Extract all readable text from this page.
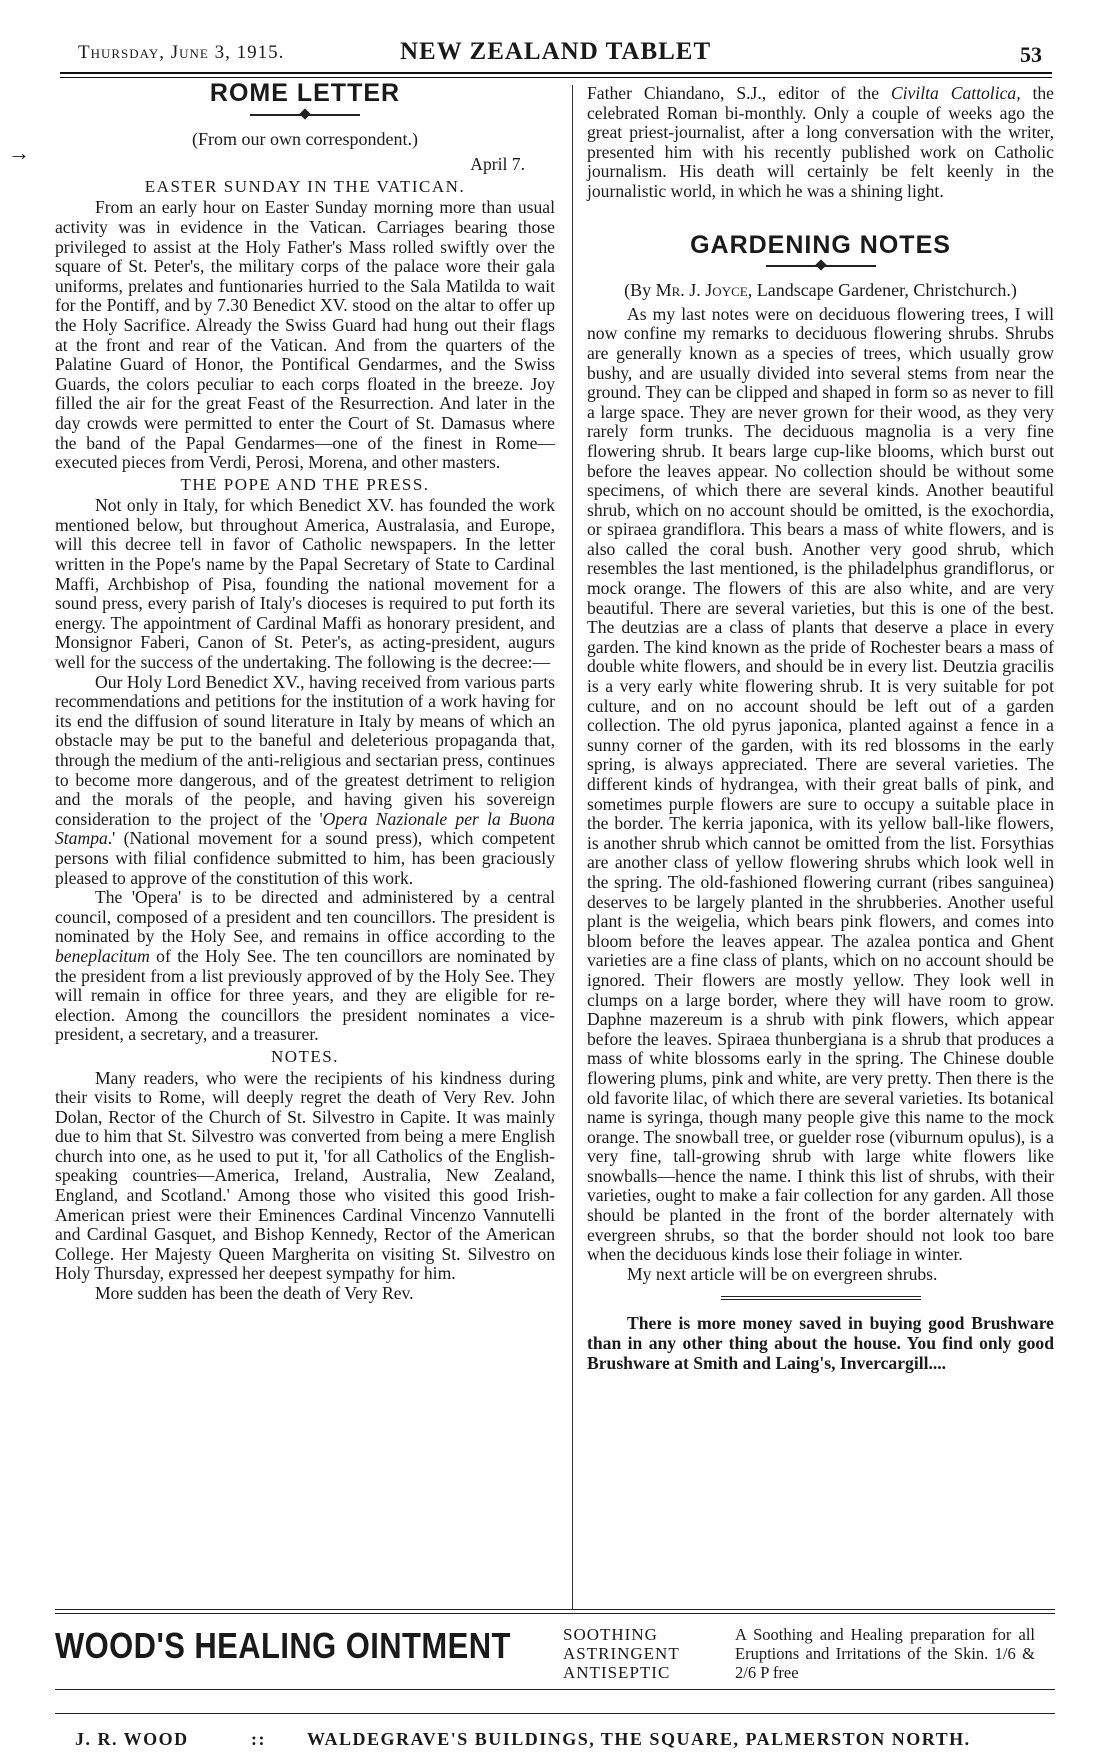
Thursday, June 3, 1915.	NEW ZEALAND TABLET	53
→
ROME LETTER
(From our own correspondent.)
April 7.
EASTER SUNDAY IN THE VATICAN.

From an early hour on Easter Sunday morning more than usual activity was in evidence in the Vatican. Carriages bearing those privileged to assist at the Holy Father's Mass rolled swiftly over the square of St. Peter's, the military corps of the palace wore their gala uniforms, prelates and funtionaries hurried to the Sala Matilda to wait for the Pontiff, and by 7.30 Benedict XV. stood on the altar to offer up the Holy Sacrifice. Already the Swiss Guard had hung out their flags at the front and rear of the Vatican. And from the quarters of the Palatine Guard of Honor, the Pontifical Gendarmes, and the Swiss Guards, the colors peculiar to each corps floated in the breeze. Joy filled the air for the great Feast of the Resurrection. And later in the day crowds were permitted to enter the Court of St. Damasus where the band of the Papal Gendarmes—one of the finest in Rome—executed pieces from Verdi, Perosi, Morena, and other masters.

THE POPE AND THE PRESS.

Not only in Italy, for which Benedict XV. has founded the work mentioned below, but throughout America, Australasia, and Europe, will this decree tell in favor of Catholic newspapers. In the letter written in the Pope's name by the Papal Secretary of State to Cardinal Maffi, Archbishop of Pisa, founding the national movement for a sound press, every parish of Italy's dioceses is required to put forth its energy. The appointment of Cardinal Maffi as honorary president, and Monsignor Faberi, Canon of St. Peter's, as acting-president, augurs well for the success of the undertaking. The following is the decree:—

Our Holy Lord Benedict XV., having received from various parts recommendations and petitions for the institution of a work having for its end the diffusion of sound literature in Italy by means of which an obstacle may be put to the baneful and deleterious propaganda that, through the medium of the anti-religious and sectarian press, continues to become more dangerous, and of the greatest detriment to religion and the morals of the people, and having given his sovereign consideration to the project of the 'Opera Nazionale per la Buona Stampa.' (National movement for a sound press), which competent persons with filial confidence submitted to him, has been graciously pleased to approve of the constitution of this work.

The 'Opera' is to be directed and administered by a central council, composed of a president and ten councillors. The president is nominated by the Holy See, and remains in office according to the beneplacitum of the Holy See. The ten councillors are nominated by the president from a list previously approved of by the Holy See. They will remain in office for three years, and they are eligible for re-election. Among the councillors the president nominates a vice-president, a secretary, and a treasurer.

NOTES.

Many readers, who were the recipients of his kindness during their visits to Rome, will deeply regret the death of Very Rev. John Dolan, Rector of the Church of St. Silvestro in Capite. It was mainly due to him that St. Silvestro was converted from being a mere English church into one, as he used to put it, 'for all Catholics of the English-speaking countries—America, Ireland, Australia, New Zealand, England, and Scotland.' Among those who visited this good Irish-American priest were their Eminences Cardinal Vincenzo Vannutelli and Cardinal Gasquet, and Bishop Kennedy, Rector of the American College. Her Majesty Queen Margherita on visiting St. Silvestro on Holy Thursday, expressed her deepest sympathy for him.

More sudden has been the death of Very Rev.

Father Chiandano, S.J., editor of the Civilta Cattolica, the celebrated Roman bi-monthly. Only a couple of weeks ago the great priest-journalist, after a long conversation with the writer, presented him with his recently published work on Catholic journalism. His death will certainly be felt keenly in the journalistic world, in which he was a shining light.

GARDENING NOTES
(By Mr. J. Joyce, Landscape Gardener, Christchurch.)

As my last notes were on deciduous flowering trees, I will now confine my remarks to deciduous flowering shrubs. Shrubs are generally known as a species of trees, which usually grow bushy, and are usually divided into several stems from near the ground. They can be clipped and shaped in form so as never to fill a large space. They are never grown for their wood, as they very rarely form trunks. The deciduous magnolia is a very fine flowering shrub. It bears large cup-like blooms, which burst out before the leaves appear. No collection should be without some specimens, of which there are several kinds. Another beautiful shrub, which on no account should be omitted, is the exochordia, or spiraea grandiflora. This bears a mass of white flowers, and is also called the coral bush. Another very good shrub, which resembles the last mentioned, is the philadelphus grandiflorus, or mock orange. The flowers of this are also white, and are very beautiful. There are several varieties, but this is one of the best. The deutzias are a class of plants that deserve a place in every garden. The kind known as the pride of Rochester bears a mass of double white flowers, and should be in every list. Deutzia gracilis is a very early white flowering shrub. It is very suitable for pot culture, and on no account should be left out of a garden collection. The old pyrus japonica, planted against a fence in a sunny corner of the garden, with its red blossoms in the early spring, is always appreciated. There are several varieties. The different kinds of hydrangea, with their great balls of pink, and sometimes purple flowers are sure to occupy a suitable place in the border. The kerria japonica, with its yellow ball-like flowers, is another shrub which cannot be omitted from the list. Forsythias are another class of yellow flowering shrubs which look well in the spring. The old-fashioned flowering currant (ribes sanguinea) deserves to be largely planted in the shrubberies. Another useful plant is the weigelia, which bears pink flowers, and comes into bloom before the leaves appear. The azalea pontica and Ghent varieties are a fine class of plants, which on no account should be ignored. Their flowers are mostly yellow. They look well in clumps on a large border, where they will have room to grow. Daphne mazereum is a shrub with pink flowers, which appear before the leaves. Spiraea thunbergiana is a shrub that produces a mass of white blossoms early in the spring. The Chinese double flowering plums, pink and white, are very pretty. Then there is the old favorite lilac, of which there are several varieties. Its botanical name is syringa, though many people give this name to the mock orange. The snowball tree, or guelder rose (viburnum opulus), is a very fine, tall-growing shrub with large white flowers like snowballs—hence the name. I think this list of shrubs, with their varieties, ought to make a fair collection for any garden. All those should be planted in the front of the border alternately with evergreen shrubs, so that the border should not look too bare when the deciduous kinds lose their foliage in winter.

My next article will be on evergreen shrubs.

There is more money saved in buying good Brushware than in any other thing about the house. You find only good Brushware at Smith and Laing's, Invercargill....

WOOD'S HEALING OINTMENT	SOOTHING
ASTRINGENT
ANTISEPTIC
A Soothing and Healing preparation for all Eruptions and Irritations of the Skin. 1/6 & 2/6 P free
J. R. WOOD	:: WALDEGRAVE'S BUILDINGS, THE SQUARE, PALMERSTON NORTH.
